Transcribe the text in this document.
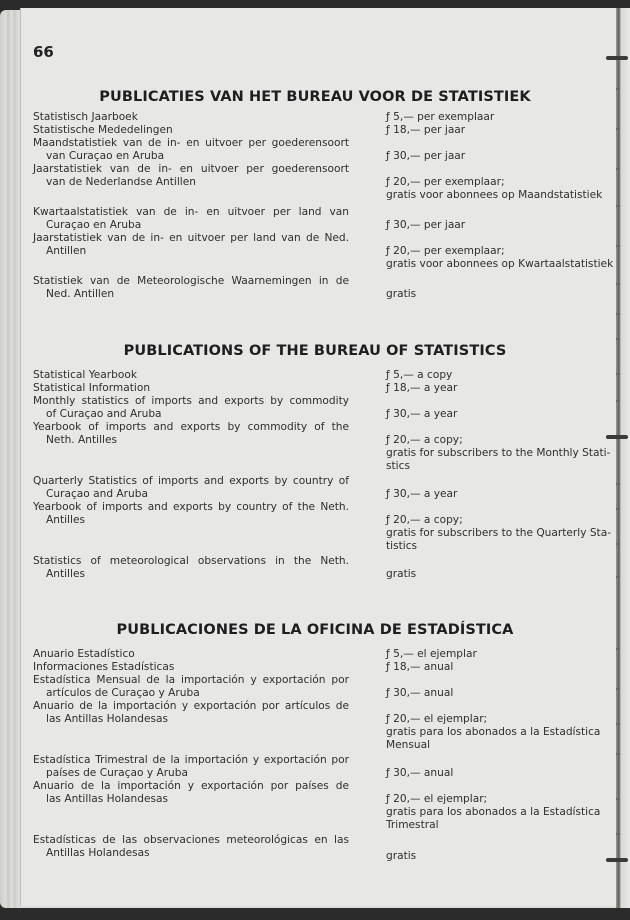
66
PUBLICATIES VAN HET BUREAU VOOR DE STATISTIEK
Statistisch Jaarboek
Statistische Mededelingen
Maandstatistiek van de in- en uitvoer per goederensoort
van Curaçao en Aruba
Jaarstatistiek van de in- en uitvoer per goederensoort
van de Nederlandse Antillen
Kwartaalstatistiek van de in- en uitvoer per land van
Curaçao en Aruba
Jaarstatistiek van de in- en uitvoer per land van de Ned.
Antillen
Statistiek van de Meteorologische Waarnemingen in de
Ned. Antillen
ƒ 5,— per exemplaar
ƒ 18,— per jaar
ƒ 30,— per jaar
ƒ 20,— per exemplaar;
gratis voor abonnees op Maandstatistiek
ƒ 30,— per jaar
ƒ 20,— per exemplaar;
gratis voor abonnees op Kwartaalstatistiek
gratis
PUBLICATIONS OF THE BUREAU OF STATISTICS
Statistical Yearbook
Statistical Information
Monthly statistics of imports and exports by commodity
of Curaçao and Aruba
Yearbook of imports and exports by commodity of the
Neth. Antilles
Quarterly Statistics of imports and exports by country of
Curaçao and Aruba
Yearbook of imports and exports by country of the Neth.
Antilles
Statistics of meteorological observations in the Neth.
Antilles
ƒ 5,— a copy
ƒ 18,— a year
ƒ 30,— a year
ƒ 20,— a copy;
gratis for subscribers to the Monthly Stati-
stics
ƒ 30,— a year
ƒ 20,— a copy;
gratis for subscribers to the Quarterly Sta-
tistics
gratis
PUBLICACIONES DE LA OFICINA DE ESTADÍSTICA
Anuario Estadístico
Informaciones Estadísticas
Estadística Mensual de la importación y exportación por
artículos de Curaçao y Aruba
Anuario de la importación y exportación por artículos de
las Antillas Holandesas
Estadística Trimestral de la importación y exportación por
países de Curaçao y Aruba
Anuario de la importación y exportación por países de
las Antillas Holandesas
Estadísticas de las observaciones meteorológicas en las
Antillas Holandesas
ƒ 5,— el ejemplar
ƒ 18,— anual
ƒ 30,— anual
ƒ 20,— el ejemplar;
gratis para los abonados a la Estadística
Mensual
ƒ 30,— anual
ƒ 20,— el ejemplar;
gratis para los abonados a la Estadística
Trimestral
gratis
